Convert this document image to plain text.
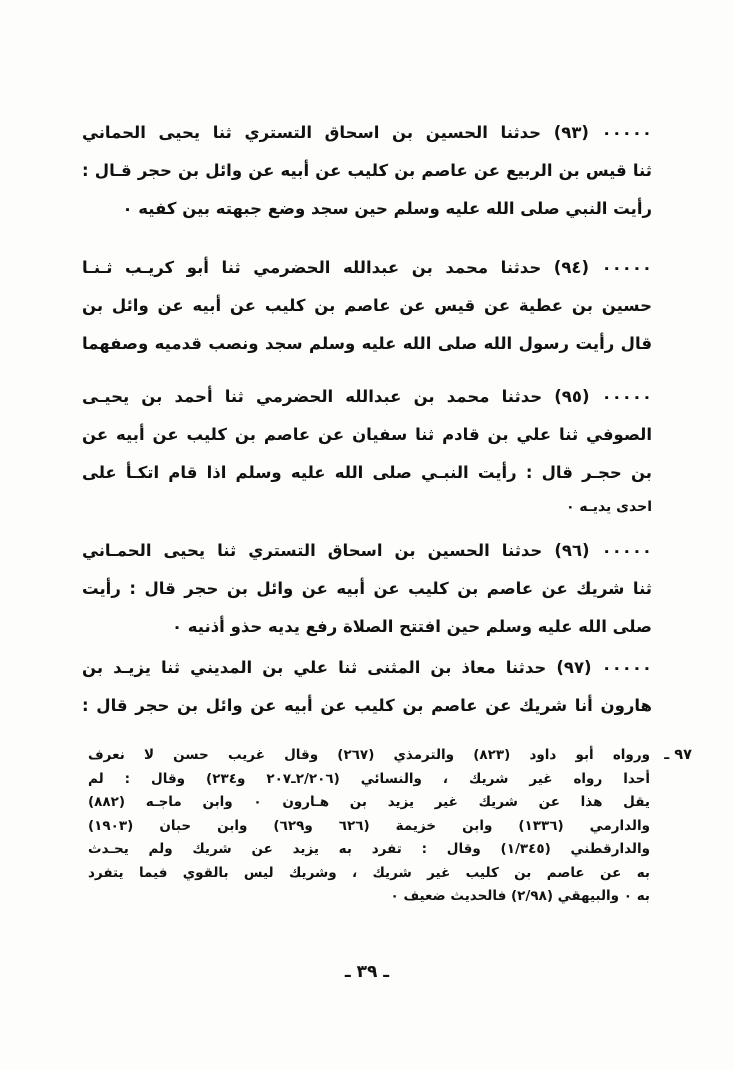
٠٠٠٠٠ (٩٣) حدثنا الحسين بن اسحاق التستري ثنا يحيى الحماني
ثنا قيس بن الربيع عن عاصم بن كليب عن أبيه عن وائل بن حجر قـال :
رأيت النبي صلى الله عليه وسلم حين سجد وضع جبهته بين كفيه ٠
٠٠٠٠٠ (٩٤) حدثنا محمد بن عبدالله الحضرمي ثنا أبو كريـب ثـنـا
حسين بن عطية عن قيس عن عاصم بن كليب عن أبيه عن وائل بن
قال رأيت رسول الله صلى الله عليه وسلم سجد ونصب قدميه وصفهما
٠٠٠٠٠ (٩٥) حدثنا محمد بن عبدالله الحضرمي ثنا أحمد بن يحيـى
الصوفي ثنا علي بن قادم ثنا سفيان عن عاصم بن كليب عن أبيه عن
بن حجـر قال : رأيت النبـي صلى الله عليه وسلم اذا قام اتكـأ على
احدى يديـه ٠
٠٠٠٠٠ (٩٦) حدثنا الحسين بن اسحاق التستري ثنا يحيى الحمـاني
ثنا شريك عن عاصم بن كليب عن أبيه عن وائل بن حجر قال : رأيت
صلى الله عليه وسلم حين افتتح الصلاة رفع يديه حذو أذنيه ٠
٠٠٠٠٠ (٩٧) حدثنا معاذ بن المثنى ثنا علي بن المديني ثنا يزيـد بن
هارون أنا شريك عن عاصم بن كليب عن أبيه عن وائل بن حجر قال :
٩٧ ـ
ورواه أبو داود (٨٢٣) والترمذي (٢٦٧) وقال غريب حسن لا نعرف
أحدا رواه غير شريك ، والنسائي (٢/٢٠٦ـ٢٠٧ و٢٣٤) وقال : لم
يقل هذا عن شريك غير يزيد بن هـارون ٠ وابن ماجـه (٨٨٢)
والدارمي (١٣٣٦) وابن خزيمة (٦٢٦ و٦٢٩) وابن حبان (١٩٠٣)
والدارقطني (١/٣٤٥) وقال : تفرد به يزيد عن شريك ولم يحـدث
به عن عاصم بن كليب غير شريك ، وشريك ليس بالقوي فيما يتفرد
به ٠ والبيهقي (٢/٩٨) فالحديث ضعيف ٠
ـ ٣٩ ـ
